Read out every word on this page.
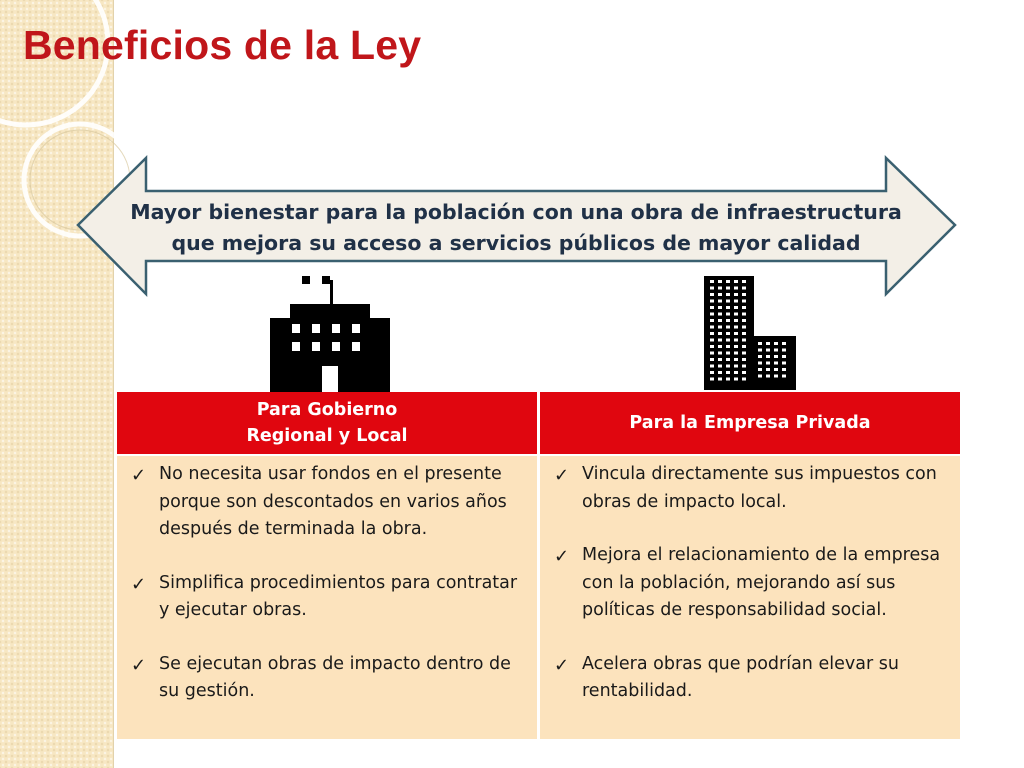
Beneficios de la Ley
Mayor bienestar para la población con una obra de infraestructura
que mejora su acceso a servicios públicos de mayor calidad
Para Gobierno
Regional y Local
Para la Empresa Privada
✓ No necesita usar fondos en el presente porque son descontados en varios años después de terminada la obra.
✓ Simplifica procedimientos para contratar y ejecutar obras.
✓ Se ejecutan obras de impacto dentro de su gestión.
✓ Vincula directamente sus impuestos con obras de impacto local.
✓ Mejora el relacionamiento de la empresa con la población, mejorando así sus políticas de responsabilidad social.
✓ Acelera obras que podrían elevar su rentabilidad.
